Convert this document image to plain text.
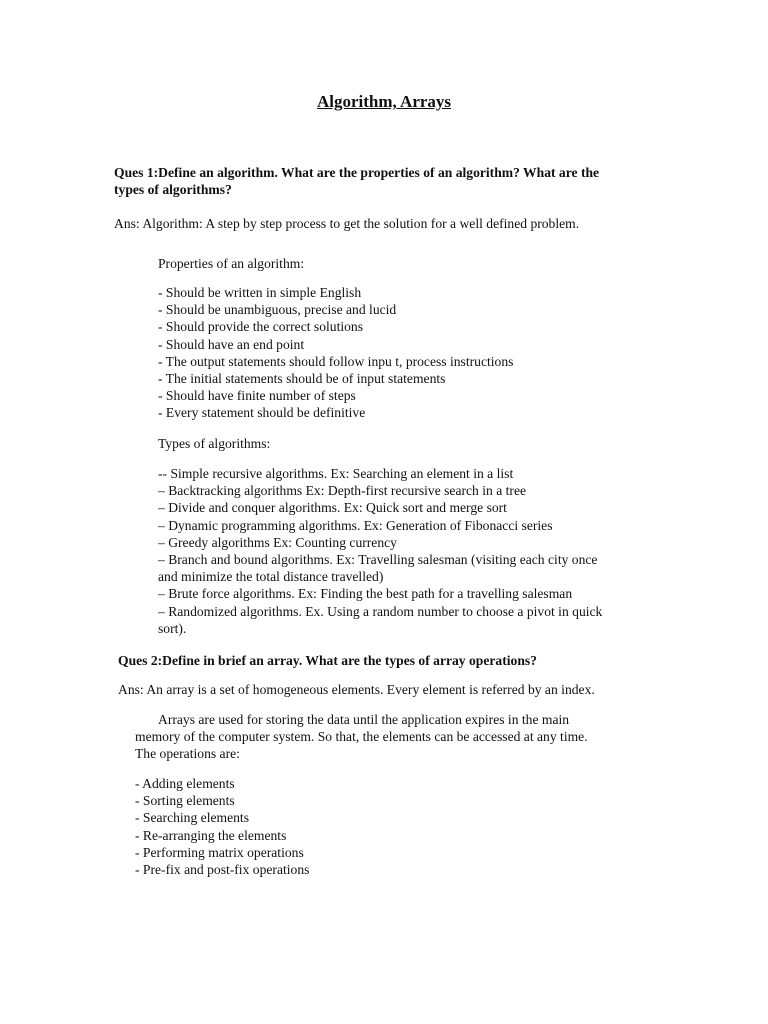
Algorithm, Arrays
Ques 1:Define an algorithm. What are the properties of an algorithm? What are the
types of algorithms?
Ans: Algorithm: A step by step process to get the solution for a well defined problem.
Properties of an algorithm:
- Should be written in simple English
- Should be unambiguous, precise and lucid
- Should provide the correct solutions
- Should have an end point
- The output statements should follow inpu t, process instructions
- The initial statements should be of input statements
- Should have finite number of steps
- Every statement should be definitive
Types of algorithms:
-- Simple recursive algorithms. Ex: Searching an element in a list
– Backtracking algorithms Ex: Depth-first recursive search in a tree
– Divide and conquer algorithms. Ex: Quick sort and merge sort
– Dynamic programming algorithms. Ex: Generation of Fibonacci series
– Greedy algorithms Ex: Counting currency
– Branch and bound algorithms. Ex: Travelling salesman (visiting each city once
and minimize the total distance travelled)
– Brute force algorithms. Ex: Finding the best path for a travelling salesman
– Randomized algorithms. Ex. Using a random number to choose a pivot in quick
sort).
Ques 2:Define in brief an array. What are the types of array operations?
Ans: An array is a set of homogeneous elements. Every element is referred by an index.
Arrays are used for storing the data until the application expires in the main
memory of the computer system. So that, the elements can be accessed at any time.
The operations are:
- Adding elements
- Sorting elements
- Searching elements
- Re-arranging the elements
- Performing matrix operations
- Pre-fix and post-fix operations
